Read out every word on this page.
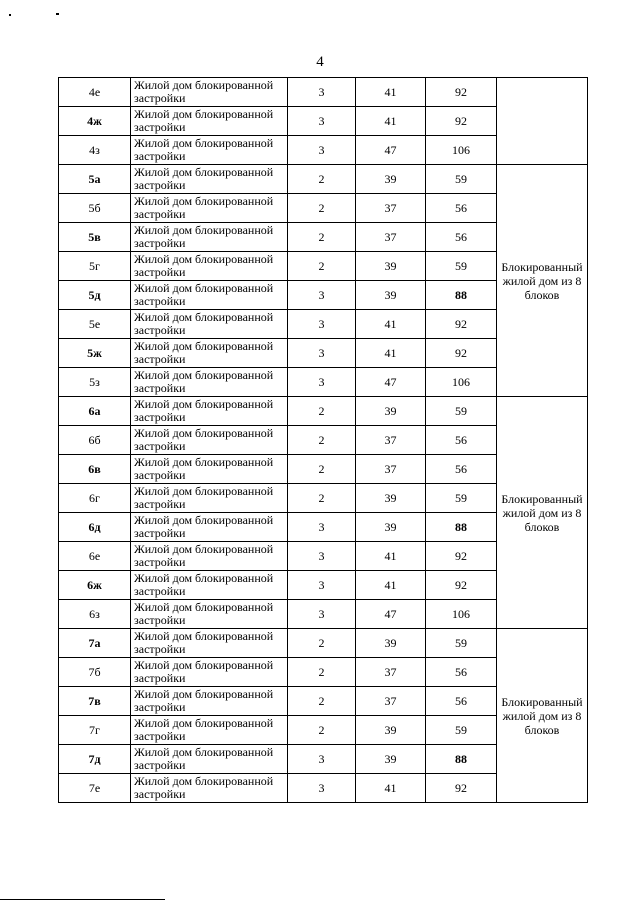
4
4е	Жилой дом блокированной застройки	3	41	92	
4ж	Жилой дом блокированной застройки	3	41	92	
4з	Жилой дом блокированной застройки	3	47	106	
5а	Жилой дом блокированной застройки	2	39	59	Блокированный жилой дом из 8 блоков
5б	Жилой дом блокированной застройки	2	37	56	
5в	Жилой дом блокированной застройки	2	37	56	
5г	Жилой дом блокированной застройки	2	39	59	
5д	Жилой дом блокированной застройки	3	39	88	
5е	Жилой дом блокированной застройки	3	41	92	
5ж	Жилой дом блокированной застройки	3	41	92	
5з	Жилой дом блокированной застройки	3	47	106	
6а	Жилой дом блокированной застройки	2	39	59	Блокированный жилой дом из 8 блоков
6б	Жилой дом блокированной застройки	2	37	56	
6в	Жилой дом блокированной застройки	2	37	56	
6г	Жилой дом блокированной застройки	2	39	59	
6д	Жилой дом блокированной застройки	3	39	88	
6е	Жилой дом блокированной застройки	3	41	92	
6ж	Жилой дом блокированной застройки	3	41	92	
6з	Жилой дом блокированной застройки	3	47	106	
7а	Жилой дом блокированной застройки	2	39	59	Блокированный жилой дом из 8 блоков
7б	Жилой дом блокированной застройки	2	37	56	
7в	Жилой дом блокированной застройки	2	37	56	
7г	Жилой дом блокированной застройки	2	39	59	
7д	Жилой дом блокированной застройки	3	39	88	
7е	Жилой дом блокированной застройки	3	41	92	
